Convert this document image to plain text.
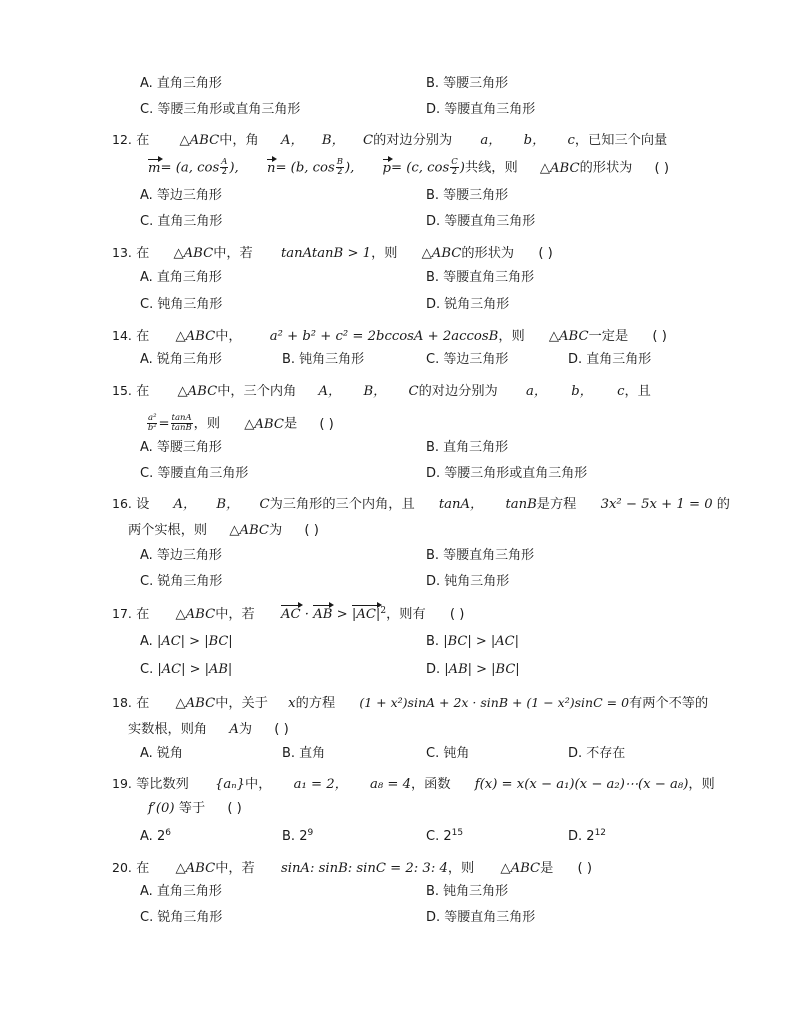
A. 直角三角形	B. 等腰三角形
C. 等腰三角形或直角三角形	D. 等腰直角三角形
12. 在 △ABC中，角 A， B， C的对边分别为 a， b， c，已知三个向量
m= (a, $\cos \frac{A}{2}$ ), n= (b, $\cos \frac{B}{2}$ ), p= (c, $\cos \frac{C}{2}$ )共线，则 △ABC的形状为 ( )
A. 等边三角形	B. 等腰三角形
C. 直角三角形	D. 等腰直角三角形
13. 在 △ABC中，若 tanAtanB > 1，则 △ABC的形状为 ( )
A. 直角三角形	B. 等腰直角三角形
C. 钝角三角形	D. 锐角三角形
14. 在 △ABC中， a² + b² + c² = 2bccosA + 2accosB，则 △ABC一定是 ( )
A. 锐角三角形	B. 钝角三角形	C. 等边三角形	D. 直角三角形
15. 在 △ABC中，三个内角 A， B， C的对边分别为 a， b， c，且
$\frac{\text{a²}}{\text{b²}} = \frac{\tan A}{\tan B}$ ，则 △ABC是 ( )
A. 等腰三角形	B. 直角三角形
C. 等腰直角三角形	D. 等腰三角形或直角三角形
16. 设 A， B， C为三角形的三个内角，且 tanA， tanB是方程 3x² − 5x + 1 = 0 的
两个实根，则 △ABC为 ( )
A. 等边三角形	B. 等腰直角三角形
C. 锐角三角形	D. 钝角三角形
17. 在 △ABC中，若 AC · AB > $|AC|^2$，则有 ( )
A. |AC| > |BC|	B. |BC| > |AC|
C. |AC| > |AB|	D. |AB| > |BC|
18. 在 △ABC中，关于 x的方程 (1 + x²)sinA + 2x · sinB + (1 − x²)sinC = 0有两个不等的
实数根，则角 A为 ( )
A. 锐角	B. 直角	C. 钝角	D. 不存在
19. 等比数列 {aₙ}中， a₁ = 2， a₈ = 4，函数 f(x) = x(x − a₁)(x − a₂)⋯(x − a₈)，则
f′(0) 等于 ( )
A. $2^6$	B. $2^9$	C. $2^{15}$	D. $2^{12}$
20. 在 △ABC中，若 sinA: sinB: sinC = 2: 3: 4，则 △ABC是 ( )
A. 直角三角形	B. 钝角三角形
C. 锐角三角形	D. 等腰直角三角形
